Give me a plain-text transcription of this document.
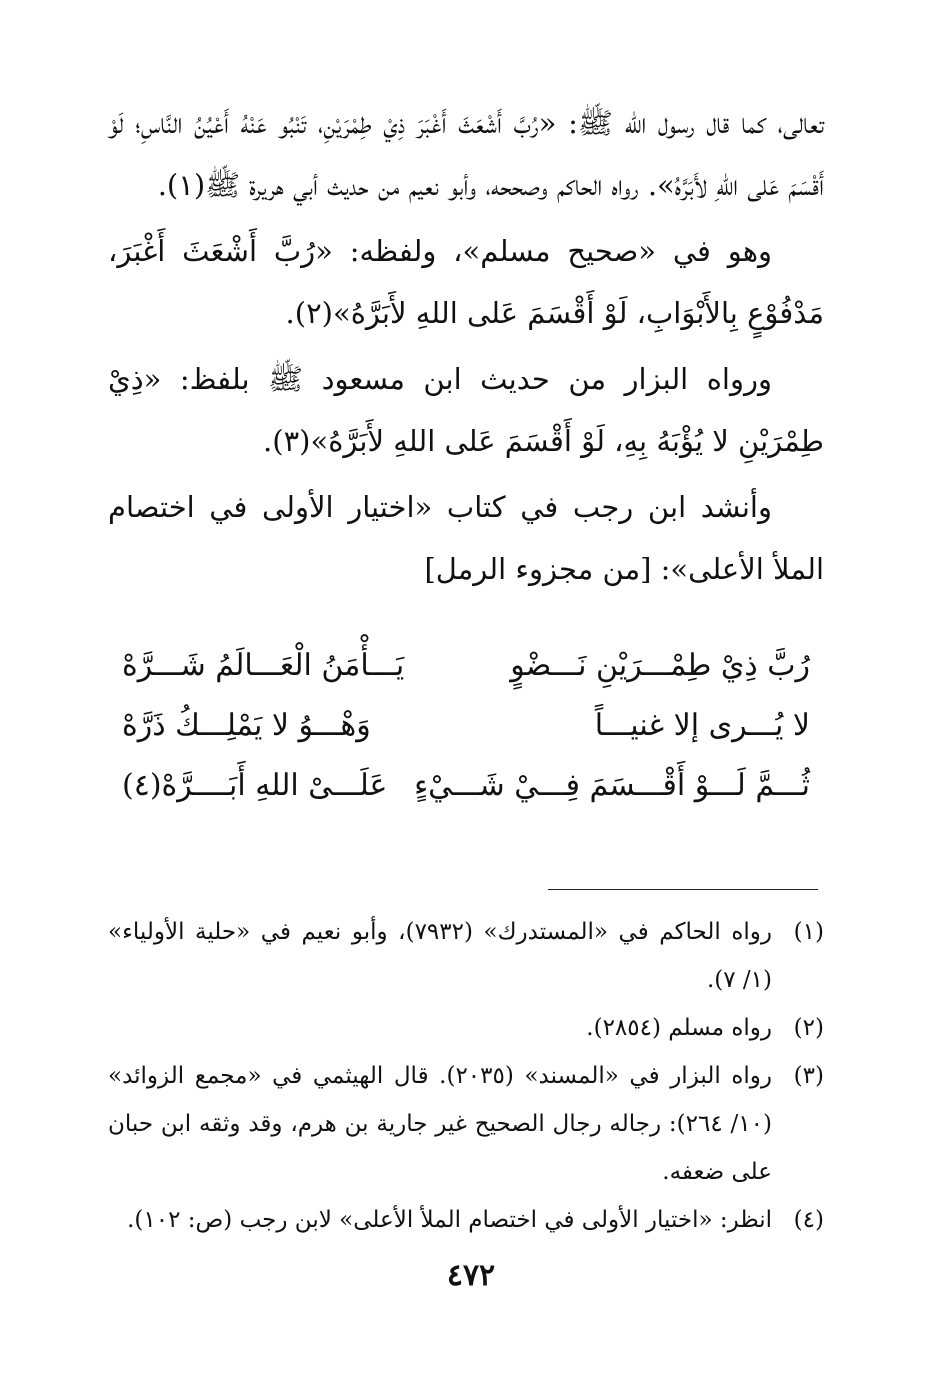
تعالى، كما قال رسول الله ﷺ: «رُبَّ أَشْعَثَ أَغْبَرَ ذِيْ طِمْرَيْنِ، تَنْبُو عَنْهُ أَعْيُنُ النَّاسِ؛ لَوْ أَقْسَمَ عَلى اللهِ لأَبَرَّهُ». رواه الحاكم وصححه، وأبو نعيم من حديث أبي هريرة ﷺ(١).

وهو في «صحيح مسلم»، ولفظه: «رُبَّ أَشْعَثَ أَغْبَرَ، مَدْفُوْعٍ بِالأَبْوَابِ، لَوْ أَقْسَمَ عَلى اللهِ لأَبَرَّهُ»(٢).

ورواه البزار من حديث ابن مسعود ﷺ بلفظ: «ذِيْ طِمْرَيْنِ لا يُؤْبَهُ بِهِ، لَوْ أَقْسَمَ عَلى اللهِ لأَبَرَّهُ»(٣).

وأنشد ابن رجب في كتاب «اختيار الأولى في اختصام الملأ الأعلى»: [من مجزوء الرمل]

رُبَّ ذِيْ طِمْـــرَيْنِ نَـــضْوٍ
يَـــأْمَنُ الْعَـــالَمُ شَـــرَّهْ
لا يُـــرى إلا غنيـــاً
وَهْـــوُ لا يَمْلِـــكُ ذَرَّهْ
ثُـــمَّ لَـــوْ أَقْـــسَمَ فِـــيْ شَـــيْءٍ
عَلَـــىْ اللهِ أَبَــــرَّهْ(٤)
(١)
رواه الحاكم في «المستدرك» (٧٩٣٢)، وأبو نعيم في «حلية الأولياء» (١/ ٧).
(٢)
رواه مسلم (٢٨٥٤).
(٣)
رواه البزار في «المسند» (٢٠٣٥). قال الهيثمي في «مجمع الزوائد» (١٠/ ٢٦٤): رجاله رجال الصحيح غير جارية بن هرم، وقد وثقه ابن حبان على ضعفه.
(٤)
انظر: «اختيار الأولى في اختصام الملأ الأعلى» لابن رجب (ص: ١٠٢).
٤٧٢
